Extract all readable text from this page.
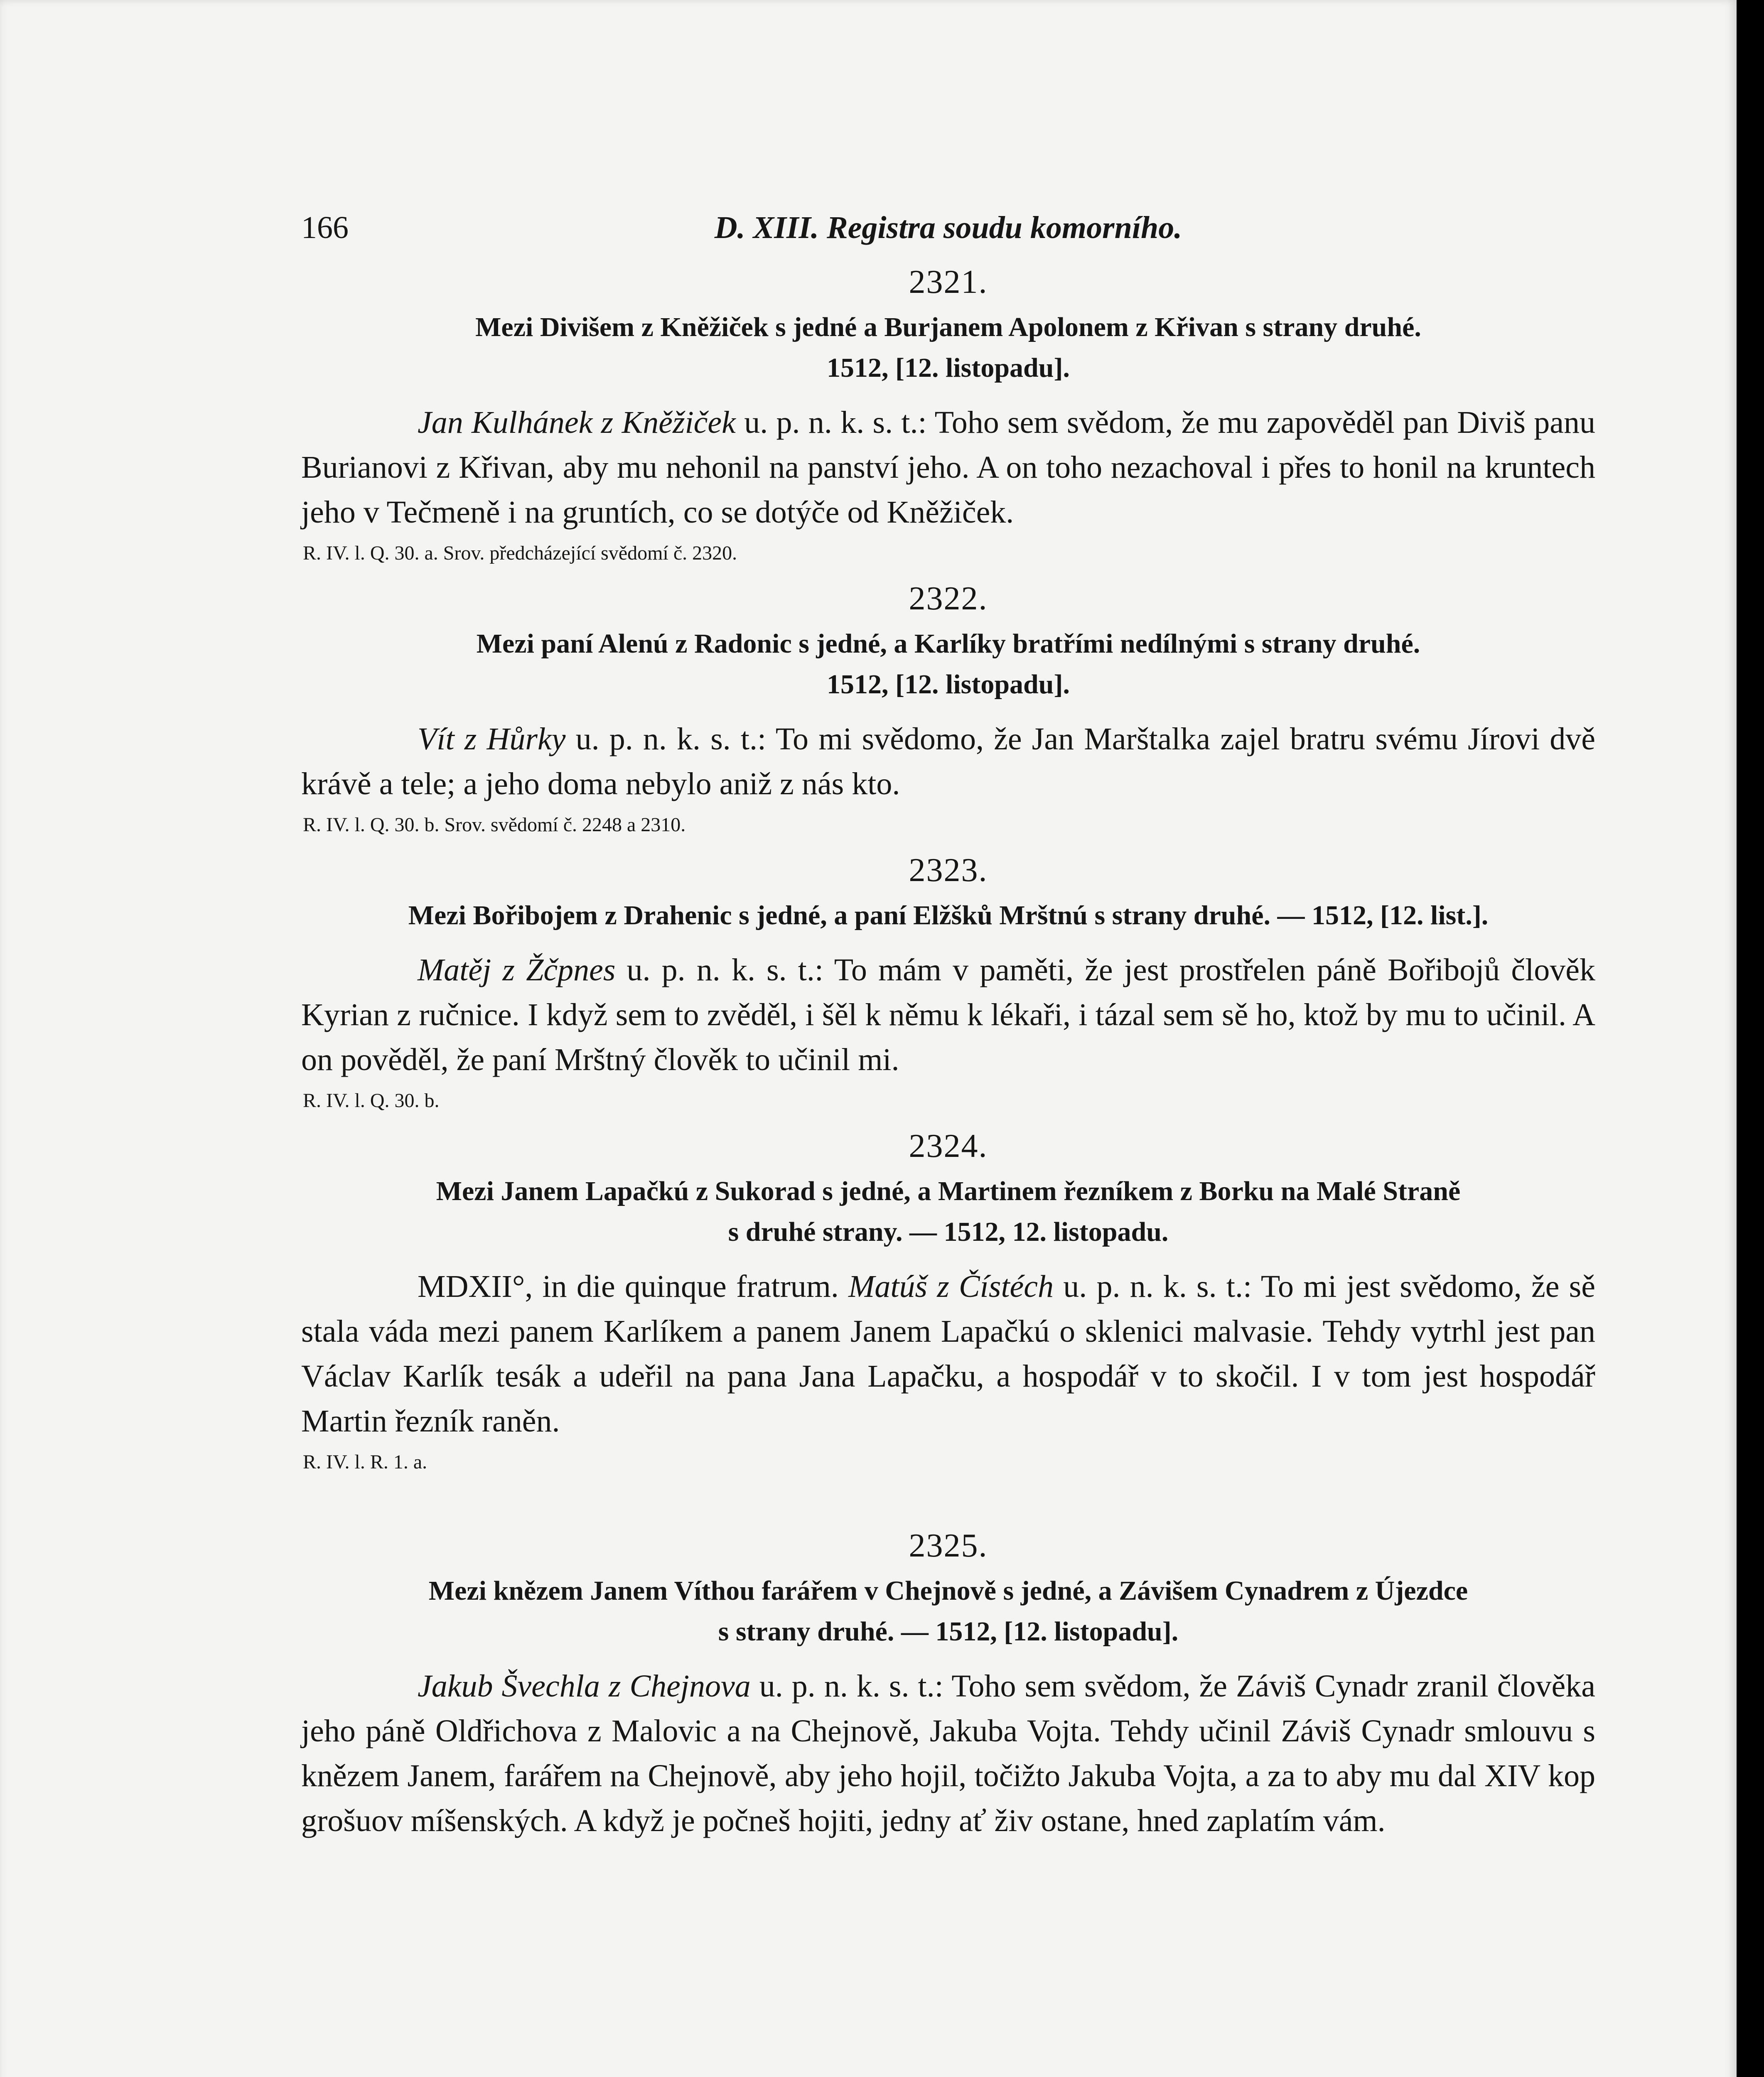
166	D. XIII. Registra soudu komorního.
2321.
Mezi Divišem z Kněžiček s jedné a Burjanem Apolonem z Křivan s strany druhé.
1512, [12. listopadu].

Jan Kulhánek z Kněžiček u. p. n. k. s. t.: Toho sem svědom, že mu zapověděl pan Diviš panu Burianovi z Křivan, aby mu nehonil na panství jeho. A on toho nezachoval i přes to honil na kruntech jeho v Tečmeně i na gruntích, co se dotýče od Kněžiček.

R. IV. l. Q. 30. a. Srov. předcházející svědomí č. 2320.
2322.
Mezi paní Alenú z Radonic s jedné, a Karlíky bratřími nedílnými s strany druhé.
1512, [12. listopadu].

Vít z Hůrky u. p. n. k. s. t.: To mi svědomo, že Jan Marštalka zajel bratru svému Jírovi dvě krávě a tele; a jeho doma nebylo aniž z nás kto.

R. IV. l. Q. 30. b. Srov. svědomí č. 2248 a 2310.
2323.
Mezi Bořibojem z Drahenic s jedné, a paní Elžšků Mrštnú s strany druhé. — 1512, [12. list.].

Matěj z Žčpnes u. p. n. k. s. t.: To mám v paměti, že jest prostřelen páně Bořibojů člověk Kyrian z ručnice. I když sem to zvěděl, i šěl k němu k lékaři, i tázal sem sě ho, ktož by mu to učinil. A on pověděl, že paní Mrštný člověk to učinil mi.

R. IV. l. Q. 30. b.
2324.
Mezi Janem Lapačkú z Sukorad s jedné, a Martinem řezníkem z Borku na Malé Straně
s druhé strany. — 1512, 12. listopadu.

MDXII°, in die quinque fratrum. Matúš z Čístéch u. p. n. k. s. t.: To mi jest svědomo, že sě stala váda mezi panem Karlíkem a panem Janem Lapačkú o sklenici malvasie. Tehdy vytrhl jest pan Václav Karlík tesák a udeřil na pana Jana Lapačku, a hospodář v to skočil. I v tom jest hospodář Martin řezník raněn.

R. IV. l. R. 1. a.
2325.
Mezi knězem Janem Víthou farářem v Chejnově s jedné, a Závišem Cynadrem z Újezdce
s strany druhé. — 1512, [12. listopadu].

Jakub Švechla z Chejnova u. p. n. k. s. t.: Toho sem svědom, že Záviš Cynadr zranil člověka jeho páně Oldřichova z Malovic a na Chejnově, Jakuba Vojta. Tehdy učinil Záviš Cynadr smlouvu s knězem Janem, farářem na Chejnově, aby jeho hojil, točižto Jakuba Vojta, a za to aby mu dal XIV kop grošuov míšenských. A když je počneš hojiti, jedny ať živ ostane, hned zaplatím vám.
